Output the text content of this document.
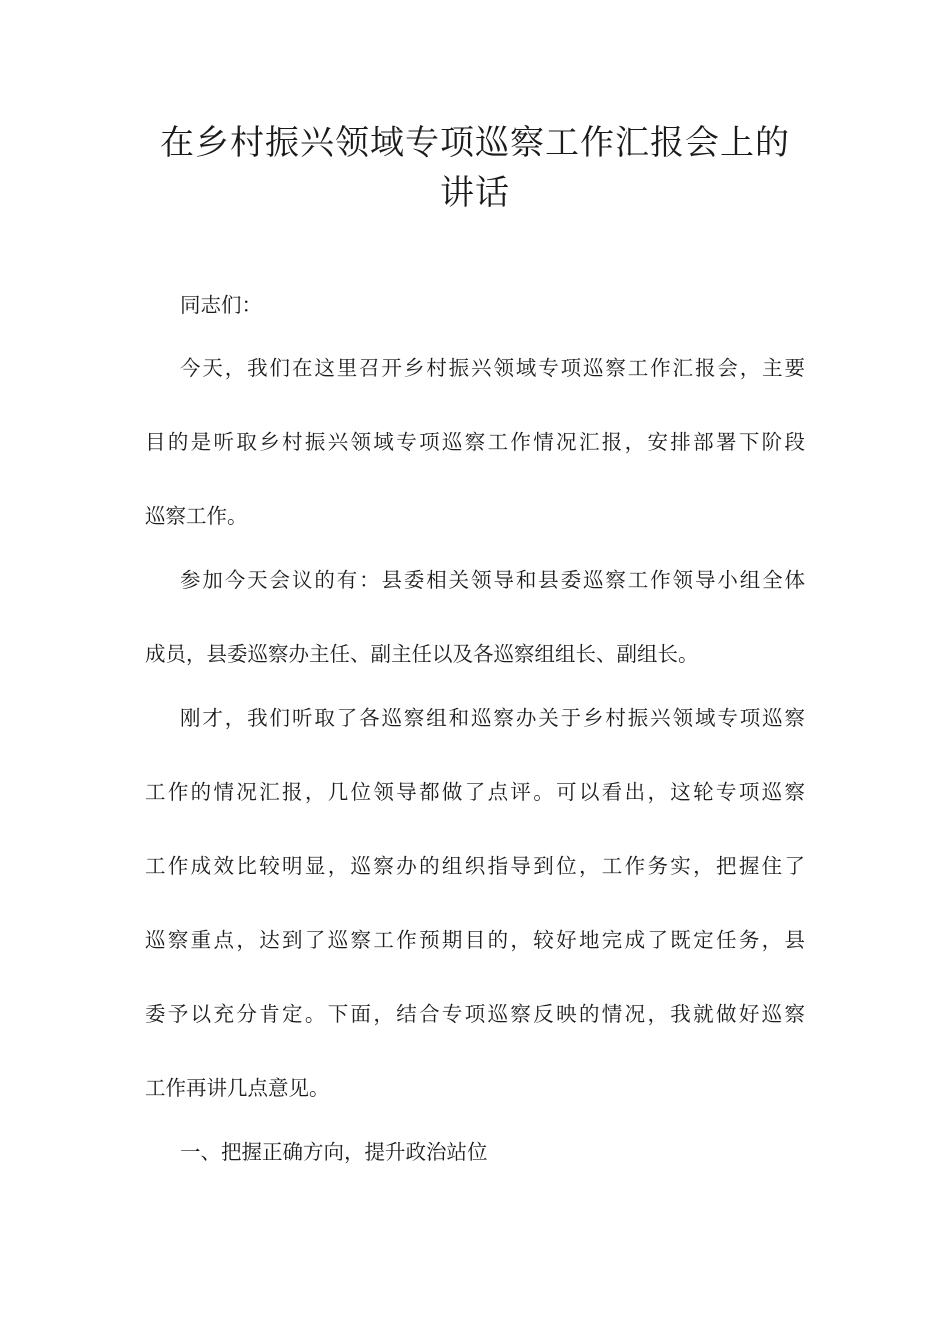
在乡村振兴领域专项巡察工作汇报会上的
讲话
同志们：
今天，我们在这里召开乡村振兴领域专项巡察工作汇报会，主要
目的是听取乡村振兴领域专项巡察工作情况汇报，安排部署下阶段
巡察工作。
参加今天会议的有：县委相关领导和县委巡察工作领导小组全体
成员，县委巡察办主任、副主任以及各巡察组组长、副组长。
刚才，我们听取了各巡察组和巡察办关于乡村振兴领域专项巡察
工作的情况汇报，几位领导都做了点评。可以看出，这轮专项巡察
工作成效比较明显，巡察办的组织指导到位，工作务实，把握住了
巡察重点，达到了巡察工作预期目的，较好地完成了既定任务，县
委予以充分肯定。下面，结合专项巡察反映的情况，我就做好巡察
工作再讲几点意见。
一、把握正确方向，提升政治站位
